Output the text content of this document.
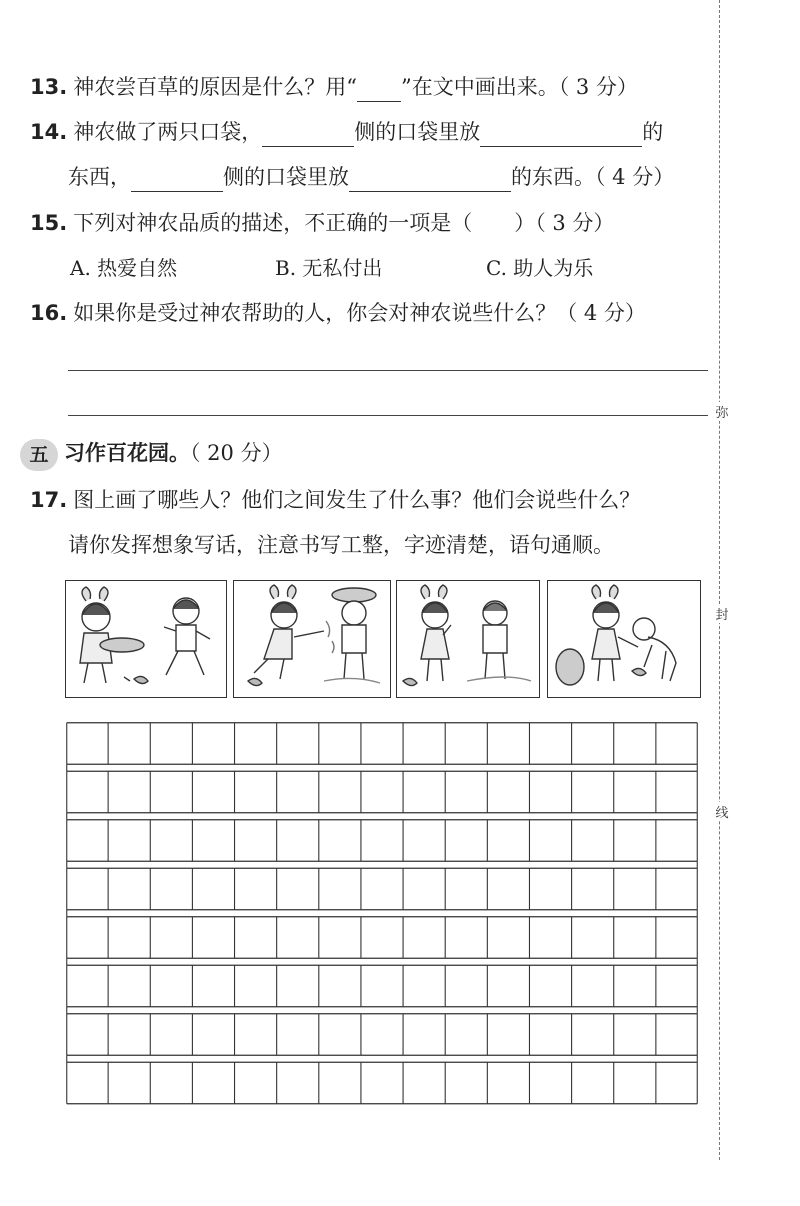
13. 神农尝百草的原因是什么？用“ ”在文中画出来。（ 3 分）
14. 神农做了两只口袋，	侧的口袋里放	的
东西，	侧的口袋里放	的东西。（ 4 分）
15. 下列对神农品质的描述，不正确的一项是（　　）（ 3 分）
A. 热爱自然	B. 无私付出	C. 助人为乐
16. 如果你是受过神农帮助的人，你会对神农说些什么？（ 4 分）
五 习作百花园。（ 20 分）
17. 图上画了哪些人？他们之间发生了什么事？他们会说些什么？
请你发挥想象写话，注意书写工整，字迹清楚，语句通顺。
弥
封
线
